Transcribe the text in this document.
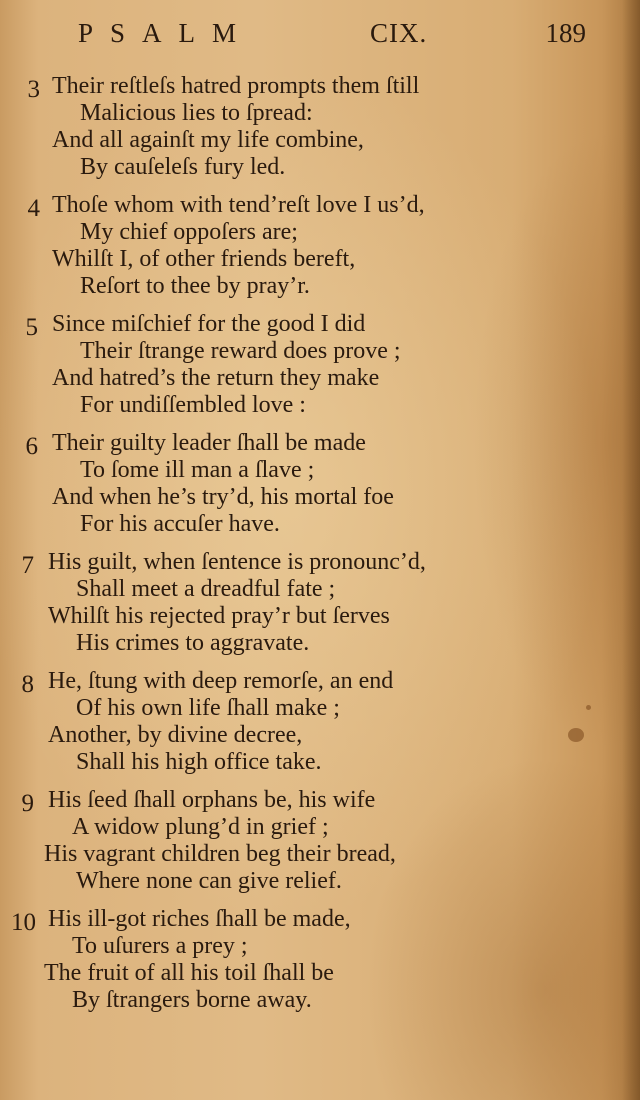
PSALM	CIX.	189
3 Their reſtleſs hatred prompts them ſtill
Malicious lies to ſpread:
And all againſt my life combine,
By cauſeleſs fury led.
4 Thoſe whom with tend’reſt love I us’d,
My chief oppoſers are;
Whilſt I, of other friends bereft,
Reſort to thee by pray’r.
5 Since miſchief for the good I did
Their ſtrange reward does prove ;
And hatred’s the return they make
For undiſſembled love :
6 Their guilty leader ſhall be made
To ſome ill man a ſlave ;
And when he’s try’d, his mortal foe
For his accuſer have.
7 His guilt, when ſentence is pronounc’d,
Shall meet a dreadful fate ;
Whilſt his rejected pray’r but ſerves
His crimes to aggravate.
8 He, ſtung with deep remorſe, an end
Of his own life ſhall make ;
Another, by divine decree,
Shall his high office take.
9 His ſeed ſhall orphans be, his wife
A widow plung’d in grief ;
His vagrant children beg their bread,
Where none can give relief.
10 His ill-got riches ſhall be made,
To uſurers a prey ;
The fruit of all his toil ſhall be
By ſtrangers borne away.
